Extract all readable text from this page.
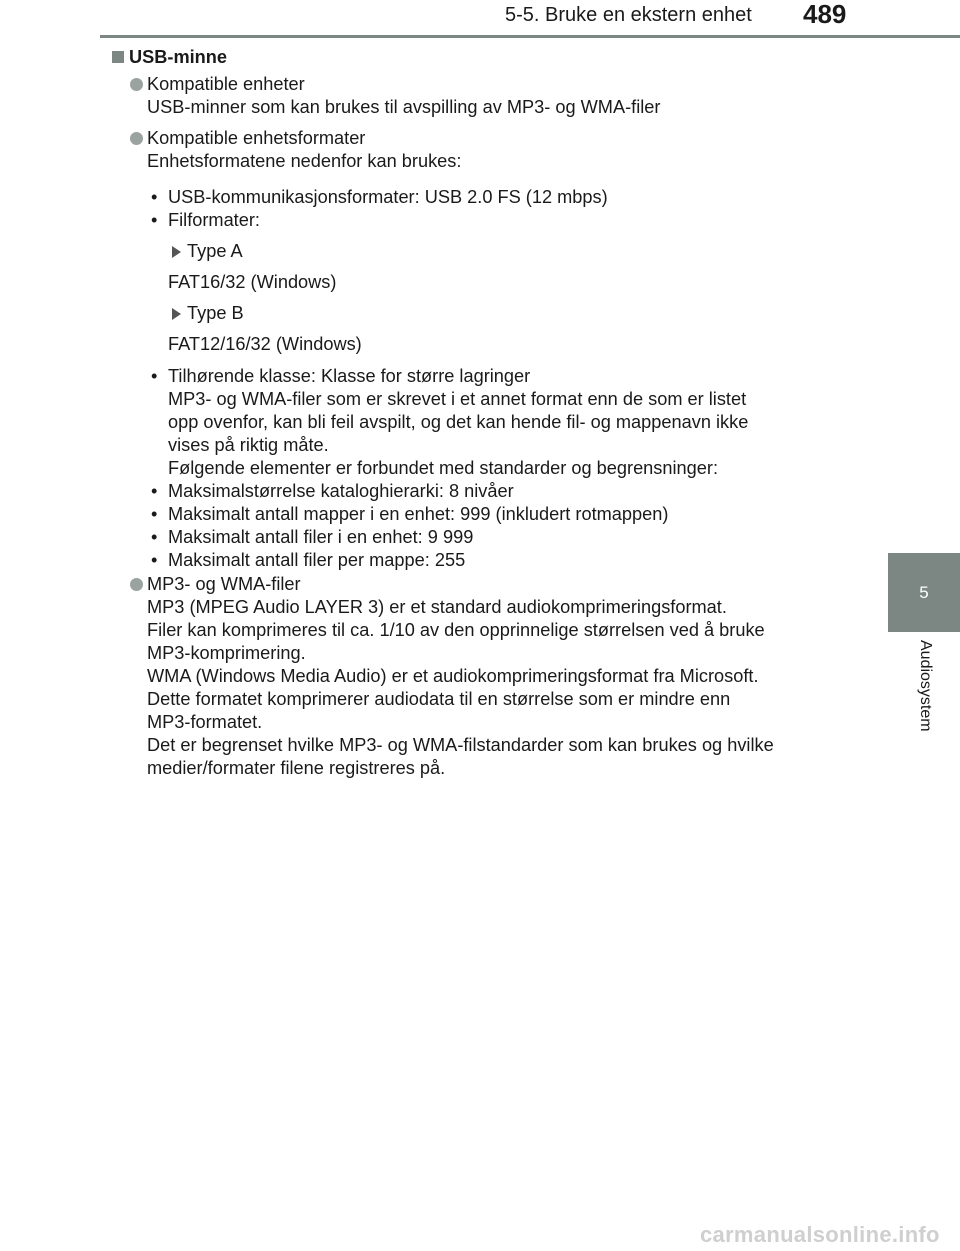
5-5. Bruke en ekstern enhet 489
5
Audiosystem
USB-minne
Kompatible enheter
USB-minner som kan brukes til avspilling av MP3- og WMA-filer
Kompatible enhetsformater
Enhetsformatene nedenfor kan brukes:
• USB-kommunikasjonsformater: USB 2.0 FS (12 mbps)
• Filformater:
Type A
FAT16/32 (Windows)
Type B
FAT12/16/32 (Windows)
• Tilhørende klasse: Klasse for større lagringer
MP3- og WMA-filer som er skrevet i et annet format enn de som er listet
opp ovenfor, kan bli feil avspilt, og det kan hende fil- og mappenavn ikke
vises på riktig måte.
Følgende elementer er forbundet med standarder og begrensninger:
• Maksimalstørrelse kataloghierarki: 8 nivåer
• Maksimalt antall mapper i en enhet: 999 (inkludert rotmappen)
• Maksimalt antall filer i en enhet: 9 999
• Maksimalt antall filer per mappe: 255
MP3- og WMA-filer
MP3 (MPEG Audio LAYER 3) er et standard audiokomprimeringsformat.
Filer kan komprimeres til ca. 1/10 av den opprinnelige størrelsen ved å bruke
MP3-komprimering.
WMA (Windows Media Audio) er et audiokomprimeringsformat fra Microsoft.
Dette formatet komprimerer audiodata til en størrelse som er mindre enn
MP3-formatet.
Det er begrenset hvilke MP3- og WMA-filstandarder som kan brukes og hvilke
medier/formater filene registreres på.
carmanualsonline.info
